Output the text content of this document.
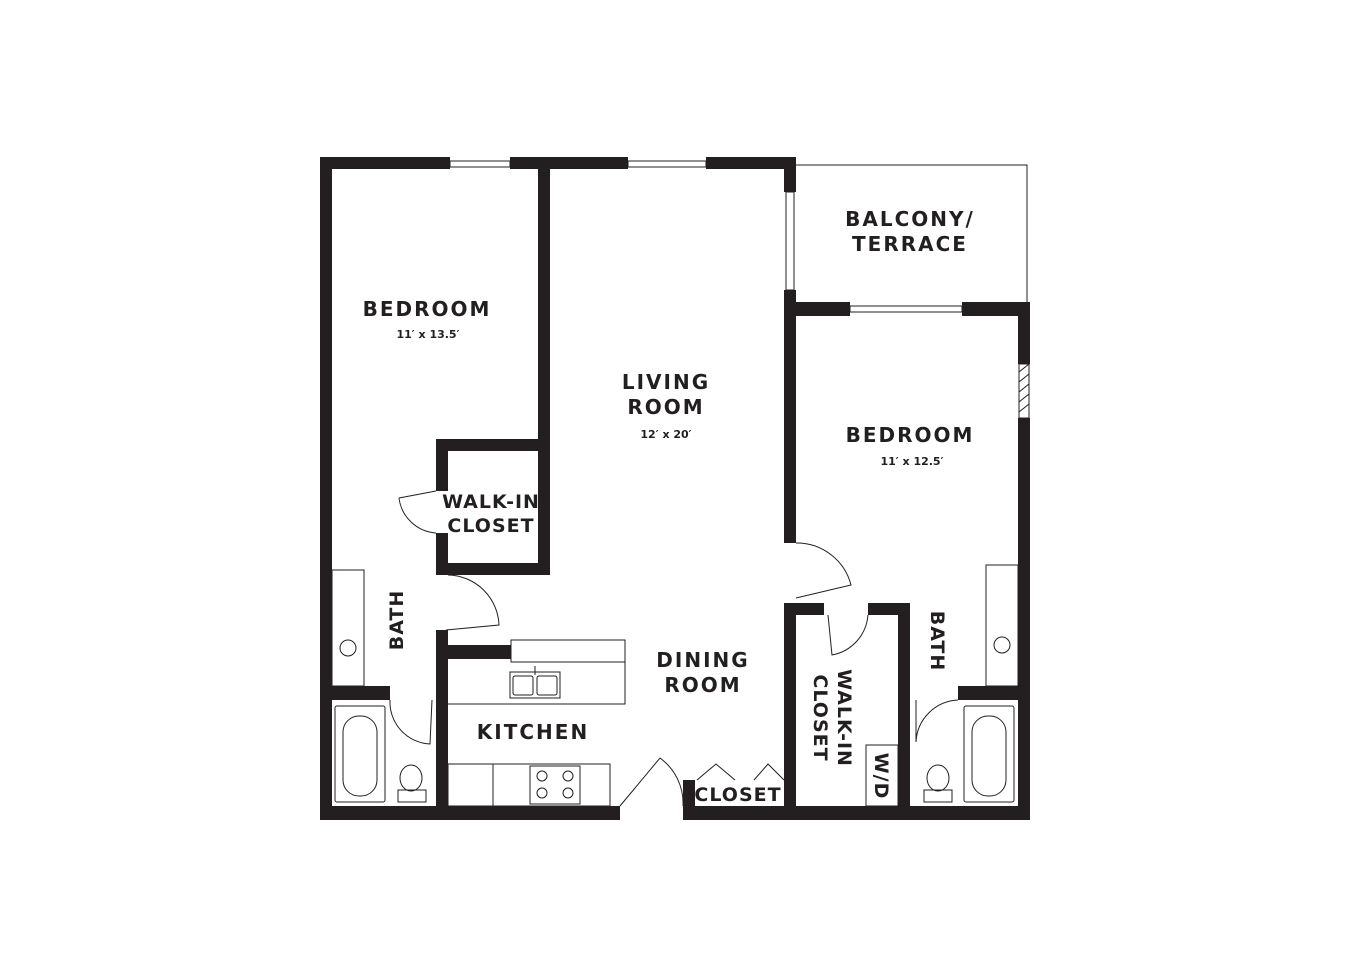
BEDROOM
11′ x 13.5′
LIVING
ROOM
12′ x 20′
BALCONY/
TERRACE
BEDROOM
11′ x 12.5′
WALK-IN
CLOSET
BATH
DINING
ROOM
KITCHEN
CLOSET
WALK-IN
CLOSET
W/D
BATH
